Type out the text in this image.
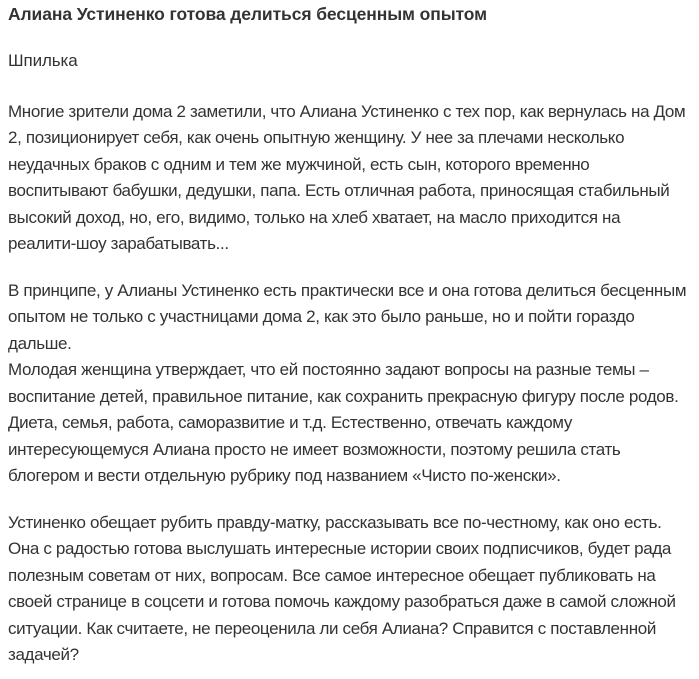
Алиана Устиненко готова делиться бесценным опытом

Шпилька

Многие зрители дома 2 заметили, что Алиана Устиненко с тех пор, как вернулась на Дом 2, позиционирует себя, как очень опытную женщину. У нее за плечами несколько неудачных браков с одним и тем же мужчиной, есть сын, которого временно воспитывают бабушки, дедушки, папа. Есть отличная работа, приносящая стабильный высокий доход, но, его, видимо, только на хлеб хватает, на масло приходится на реалити-шоу зарабатывать...

В принципе, у Алианы Устиненко есть практически все и она готова делиться бесценным опытом не только с участницами дома 2, как это было раньше, но и пойти гораздо дальше.

Молодая женщина утверждает, что ей постоянно задают вопросы на разные темы – воспитание детей, правильное питание, как сохранить прекрасную фигуру после родов. Диета, семья, работа, саморазвитие и т.д. Естественно, отвечать каждому интересующемуся Алиана просто не имеет возможности, поэтому решила стать блогером и вести отдельную рубрику под названием «Чисто по-женски».

Устиненко обещает рубить правду-матку, рассказывать все по-честному, как оно есть. Она с радостью готова выслушать интересные истории своих подписчиков, будет рада полезным советам от них, вопросам. Все самое интересное обещает публиковать на своей странице в соцсети и готова помочь каждому разобраться даже в самой сложной ситуации. Как считаете, не переоценила ли себя Алиана? Справится с поставленной задачей?
